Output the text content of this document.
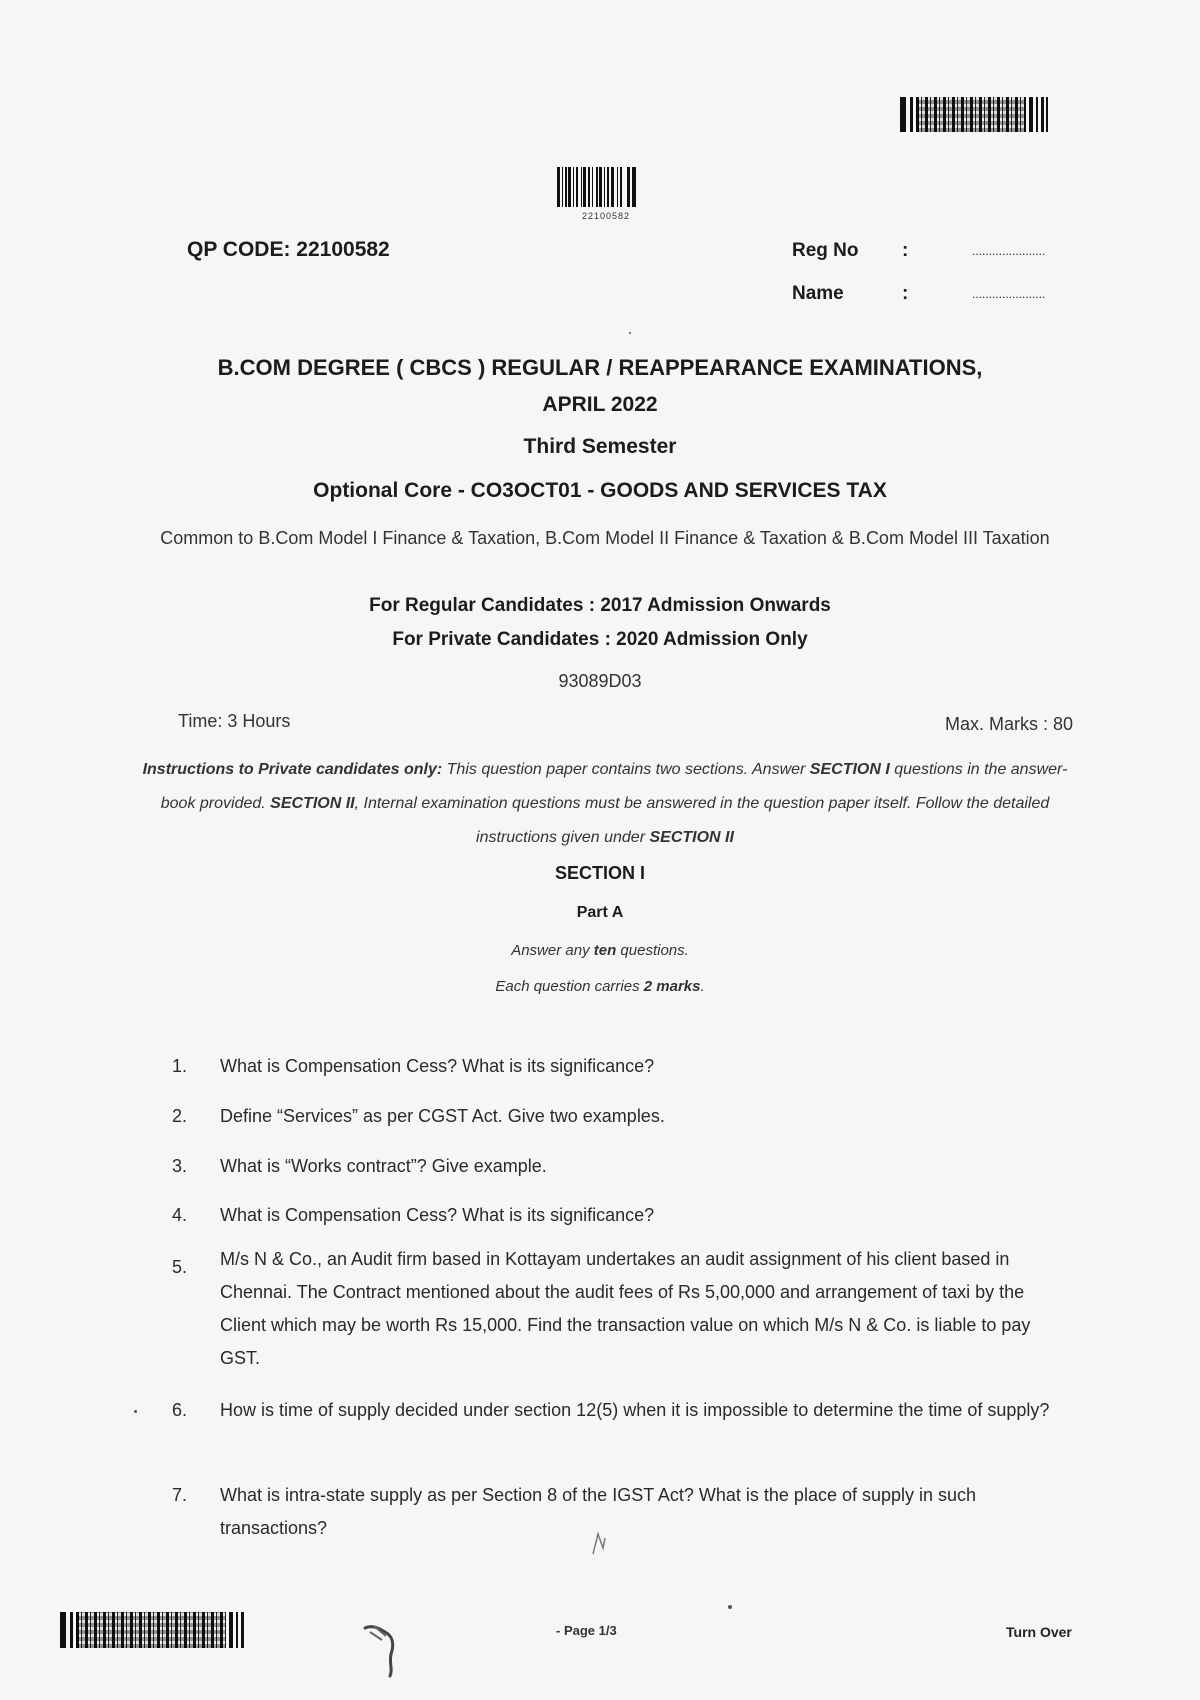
22100582
QP CODE: 22100582	Reg No	:	......................
Name	:	......................
B.COM DEGREE ( CBCS ) REGULAR / REAPPEARANCE EXAMINATIONS,
APRIL 2022
Third Semester
Optional Core - CO3OCT01 - GOODS AND SERVICES TAX
Common to B.Com Model I Finance & Taxation, B.Com Model II Finance & Taxation & B.Com Model III Taxation
For Regular Candidates : 2017 Admission Onwards
For Private Candidates : 2020 Admission Only
93089D03
Time: 3 Hours	Max. Marks : 80
Instructions to Private candidates only: This question paper contains two sections. Answer SECTION I questions in the answer-book provided. SECTION II, Internal examination questions must be answered in the question paper itself. Follow the detailed instructions given under SECTION II
SECTION I
Part A
Answer any ten questions.
Each question carries 2 marks.
1.	What is Compensation Cess? What is its significance?
2.	Define “Services” as per CGST Act. Give two examples.
3.	What is “Works contract”? Give example.
4.	What is Compensation Cess? What is its significance?
5.	M/s N & Co., an Audit firm based in Kottayam undertakes an audit assignment of his client based in Chennai. The Contract mentioned about the audit fees of Rs 5,00,000 and arrangement of taxi by the Client which may be worth Rs 15,000. Find the transaction value on which M/s N & Co. is liable to pay GST.
6.	How is time of supply decided under section 12(5) when it is impossible to determine the time of supply?
7.	What is intra-state supply as per Section 8 of the IGST Act? What is the place of supply in such transactions?
- Page 1/3	Turn Over
